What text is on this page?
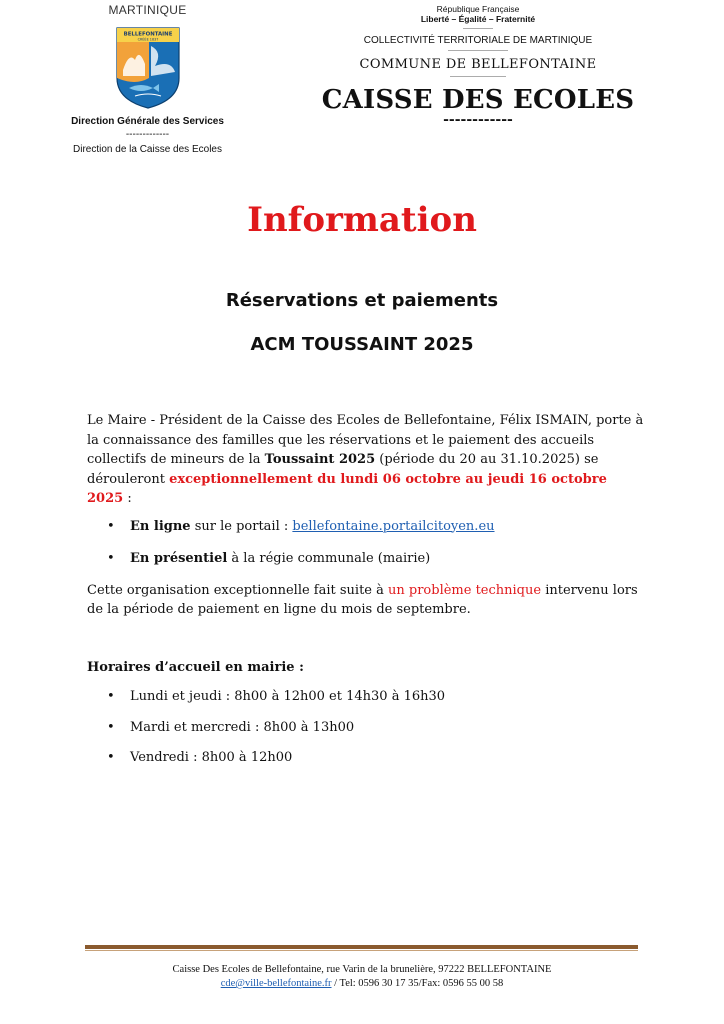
MARTINIQUE
BELLEFONTAINE
CRÉÉE 1837
Direction Générale des Services
-------------
Direction de la Caisse des Ecoles
République Française
Liberté – Égalité – Fraternité
---------------
COLLECTIVITÉ TERRITORIALE DE MARTINIQUE
------------------------------
COMMUNE DE BELLEFONTAINE
----------------------------
CAISSE DES ECOLES
------------
Information
Réservations et paiements
ACM TOUSSAINT 2025
Le Maire - Président de la Caisse des Ecoles de Bellefontaine, Félix ISMAIN, porte à la connaissance des familles que les réservations et le paiement des accueils collectifs de mineurs de la Toussaint 2025 (période du 20 au 31.10.2025) se dérouleront exceptionnellement du lundi 06 octobre au jeudi 16 octobre 2025 :
• En ligne sur le portail : bellefontaine.portailcitoyen.eu
• En présentiel à la régie communale (mairie)
Cette organisation exceptionnelle fait suite à un problème technique intervenu lors de la période de paiement en ligne du mois de septembre.
Horaires d’accueil en mairie :
• Lundi et jeudi : 8h00 à 12h00 et 14h30 à 16h30
• Mardi et mercredi : 8h00 à 13h00
• Vendredi : 8h00 à 12h00
Caisse Des Ecoles de Bellefontaine, rue Varin de la brunelière, 97222 BELLEFONTAINE
cde@ville-bellefontaine.fr / Tel: 0596 30 17 35/Fax: 0596 55 00 58
